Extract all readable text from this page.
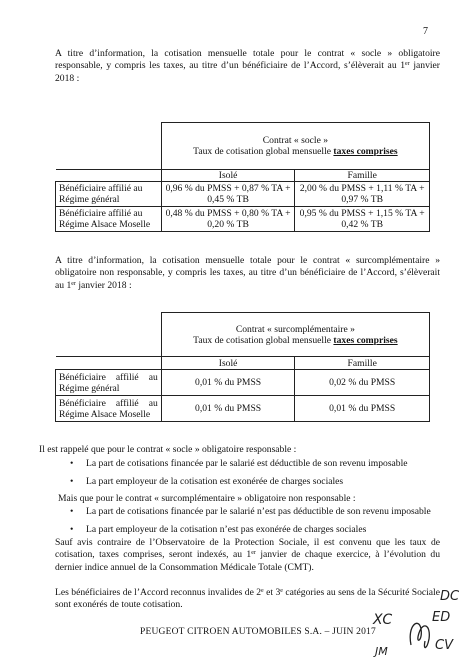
7
A titre d’information, la cotisation mensuelle totale pour le contrat « socle » obligatoire responsable, y compris les taxes, au titre d’un bénéficiaire de l’Accord, s’élèverait au 1er janvier 2018 :

	Contrat « socle »
Taux de cotisation global mensuelle taxes comprises	

	Isolé	Famille
Bénéficiaire affilié au Régime général	0,96 % du PMSS + 0,87 % TA + 0,45 % TB	2,00 % du PMSS + 1,11 % TA + 0,97 % TB
Bénéficiaire affilié au Régime Alsace Moselle	0,48 % du PMSS + 0,80 % TA + 0,20 % TB	0,95 % du PMSS + 1,15 % TA + 0,42 % TB
A titre d’information, la cotisation mensuelle totale pour le contrat « surcomplémentaire » obligatoire non responsable, y compris les taxes, au titre d’un bénéficiaire de l’Accord, s’élèverait au 1er janvier 2018 :

	Contrat « surcomplémentaire »
Taux de cotisation global mensuelle taxes comprises	

	Isolé	Famille
Bénéficiaire affilié au Régime général	0,01 % du PMSS	0,02 % du PMSS
Bénéficiaire affilié au Régime Alsace Moselle	0,01 % du PMSS	0,01 % du PMSS
Il est rappelé que pour le contrat « socle » obligatoire responsable :
• La part de cotisations financée par le salarié est déductible de son revenu imposable
• La part employeur de la cotisation est exonérée de charges sociales
Mais que pour le contrat « surcomplémentaire » obligatoire non responsable :
• La part de cotisations financée par le salarié n’est pas déductible de son revenu imposable
• La part employeur de la cotisation n’est pas exonérée de charges sociales
Sauf avis contraire de l’Observatoire de la Protection Sociale, il est convenu que les taux de cotisation, taxes comprises, seront indexés, au 1er janvier de chaque exercice, à l’évolution du dernier indice annuel de la Consommation Médicale Totale (CMT).
Les bénéficiaires de l’Accord reconnus invalides de 2e et 3e catégories au sens de la Sécurité Sociale sont exonérés de toute cotisation.
PEUGEOT CITROEN AUTOMOBILES S.A. – JUIN 2017
XC	ED
CV
JM
DC
